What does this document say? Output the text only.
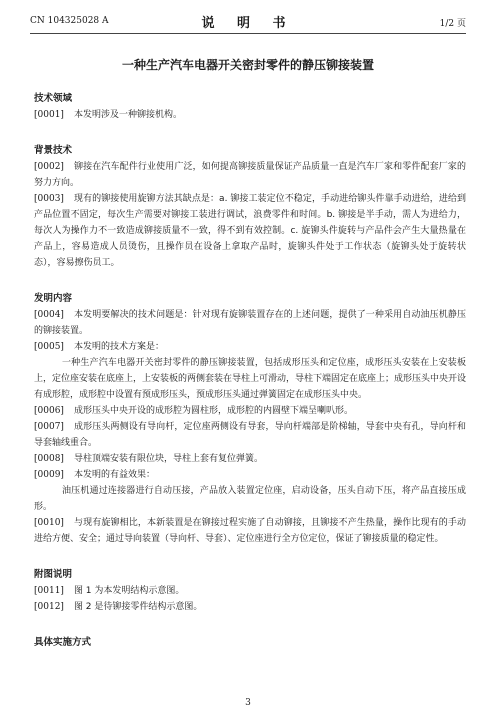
CN 104325028 A	说 明 书	1/2 页
一种生产汽车电器开关密封零件的静压铆接装置

技术领域

[0001] 本发明涉及一种铆接机构。

背景技术

[0002] 铆接在汽车配件行业使用广泛，如何提高铆接质量保证产品质量一直是汽车厂家和零件配套厂家的努力方向。

[0003] 现有的铆接使用旋铆方法其缺点是：a. 铆接工装定位不稳定，手动进给铆头件靠手动进给，进给到产品位置不固定，每次生产需要对铆接工装进行调试，浪费零件和时间。b. 铆接是半手动，需人为进给力，每次人为操作力不一致造成铆接质量不一致，得不到有效控制。c. 旋铆头件旋转与产品件会产生大量热量在产品上，容易造成人员烫伤，且操作员在设备上拿取产品时，旋铆头件处于工作状态（旋铆头处于旋转状态），容易擦伤员工。

发明内容

[0004] 本发明要解决的技术问题是：针对现有旋铆装置存在的上述问题，提供了一种采用自动油压机静压的铆接装置。

[0005] 本发明的技术方案是：

一种生产汽车电器开关密封零件的静压铆接装置，包括成形压头和定位座，成形压头安装在上安装板上，定位座安装在底座上，上安装板的两侧套装在导柱上可滑动，导柱下端固定在底座上；成形压头中央开设有成形腔，成形腔中设置有预成形压头，预成形压头通过弹簧固定在成形压头中央。

[0006] 成形压头中央开设的成形腔为圆柱形，成形腔的内圆壁下端呈喇叭形。

[0007] 成形压头两侧设有导向杆，定位座两侧设有导套，导向杆端部是阶梯轴，导套中央有孔，导向杆和导套轴线重合。

[0008] 导柱顶端安装有限位块，导柱上套有复位弹簧。

[0009] 本发明的有益效果：

油压机通过连接器进行自动压接，产品放入装置定位座，启动设备，压头自动下压，将产品直接压成形。

[0010] 与现有旋铆相比，本新装置是在铆接过程实施了自动铆接，且铆接不产生热量，操作比现有的手动进给方便、安全；通过导向装置（导向杆、导套）、定位座进行全方位定位，保证了铆接质量的稳定性。

附图说明

[0011] 图 1 为本发明结构示意图。

[0012] 图 2 是待铆接零件结构示意图。

具体实施方式

3
